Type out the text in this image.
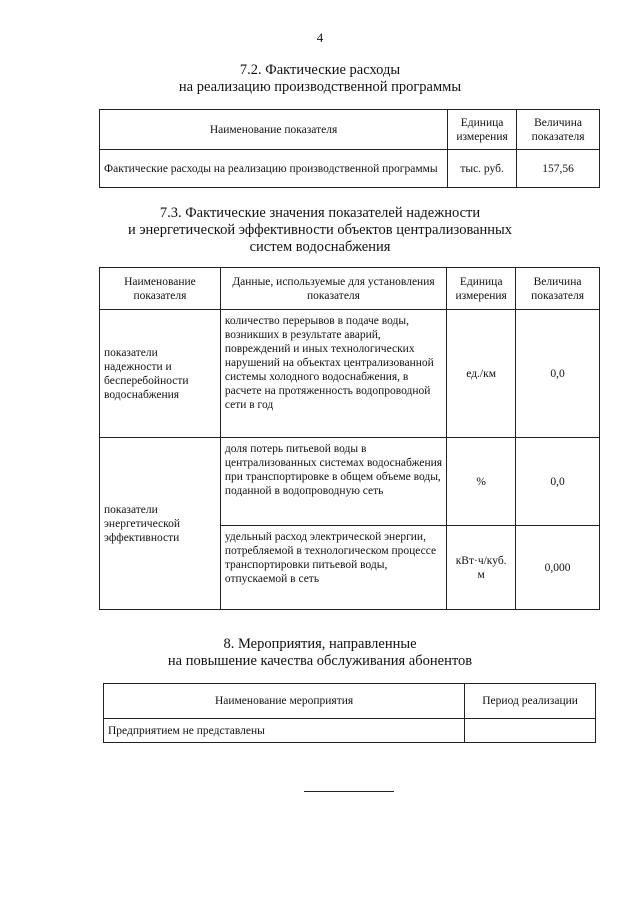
4
7.2. Фактические расходы
на реализацию производственной программы
Наименование показателя	Единица измерения	Величина показателя
Фактические расходы на реализацию производственной программы	тыс. руб.	157,56
7.3. Фактические значения показателей надежности
и энергетической эффективности объектов централизованных
систем водоснабжения
Наименование показателя	Данные, используемые для установления показателя	Единица измерения	Величина показателя
показатели надежности и бесперебойности водоснабжения	количество перерывов в подаче воды, возникших в результате аварий, повреждений и иных технологических нарушений на объектах централизованной системы холодного водоснабжения, в расчете на протяженность водопроводной сети в год	ед./км	0,0
показатели энергетической эффективности	доля потерь питьевой воды в централизованных системах водоснабжения при транспортировке в общем объеме воды, поданной в водопроводную сеть	%	0,0
	удельный расход электрической энергии, потребляемой в технологическом процессе транспортировки питьевой воды, отпускаемой в сеть	кВт·ч/куб. м	0,000
8. Мероприятия, направленные
на повышение качества обслуживания абонентов
Наименование мероприятия	Период реализации
Предприятием не представлены	
